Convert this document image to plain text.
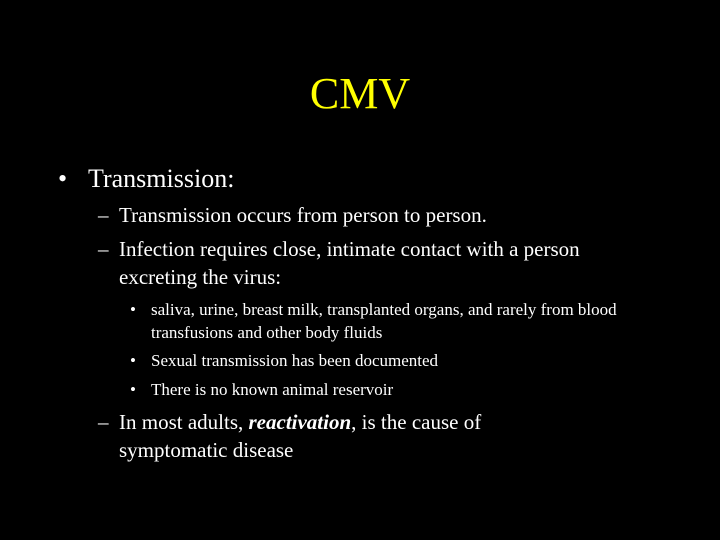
CMV
• Transmission:
– Transmission occurs from person to person.
– Infection requires close, intimate contact with a person excreting the virus:
• saliva, urine, breast milk, transplanted organs, and rarely from blood transfusions and other body fluids
• Sexual transmission has been documented
• There is no known animal reservoir
– In most adults, reactivation, is the cause of symptomatic disease
